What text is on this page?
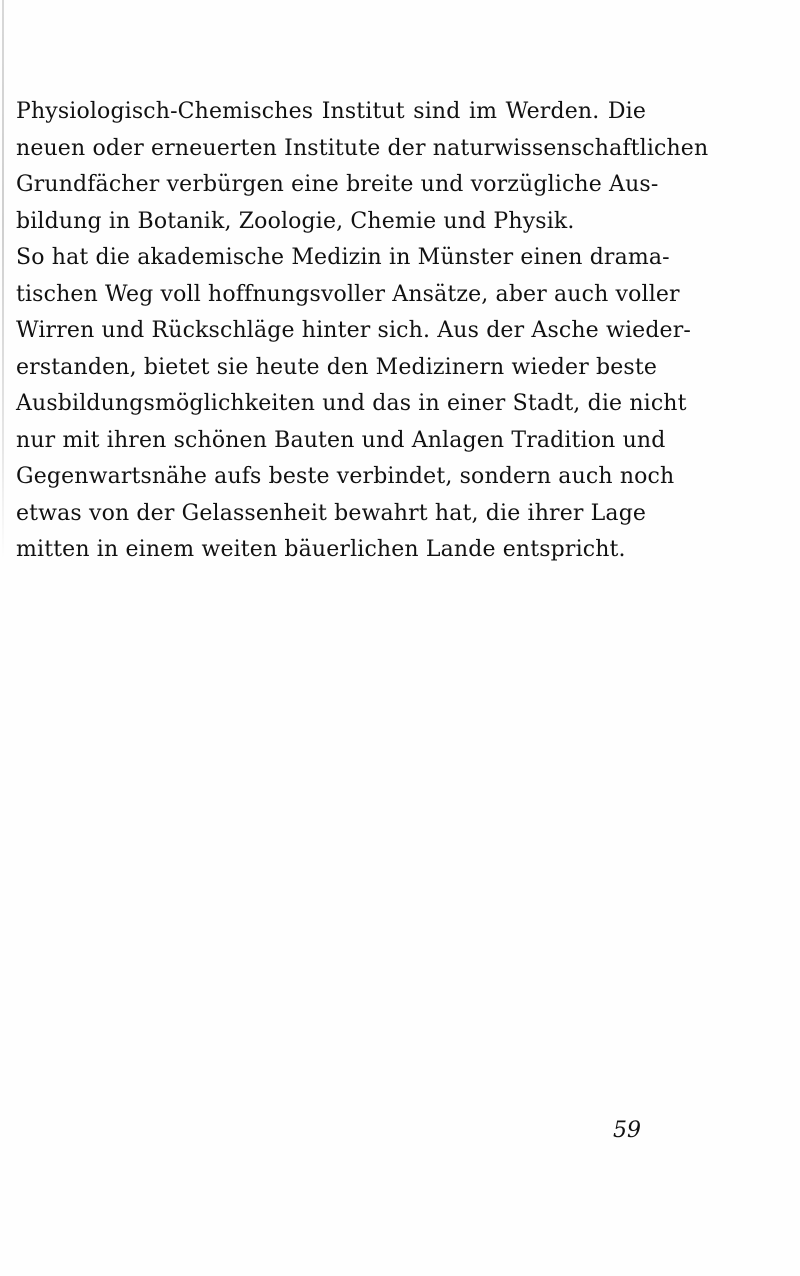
Physiologisch-Chemisches Institut sind im Werden. Die
neuen oder erneuerten Institute der naturwissenschaftlichen
Grundfächer verbürgen eine breite und vorzügliche Aus-
bildung in Botanik, Zoologie, Chemie und Physik.
So hat die akademische Medizin in Münster einen drama-
tischen Weg voll hoffnungsvoller Ansätze, aber auch voller
Wirren und Rückschläge hinter sich. Aus der Asche wieder-
erstanden, bietet sie heute den Medizinern wieder beste
Ausbildungsmöglichkeiten und das in einer Stadt, die nicht
nur mit ihren schönen Bauten und Anlagen Tradition und
Gegenwartsnähe aufs beste verbindet, sondern auch noch
etwas von der Gelassenheit bewahrt hat, die ihrer Lage
mitten in einem weiten bäuerlichen Lande entspricht.
59
